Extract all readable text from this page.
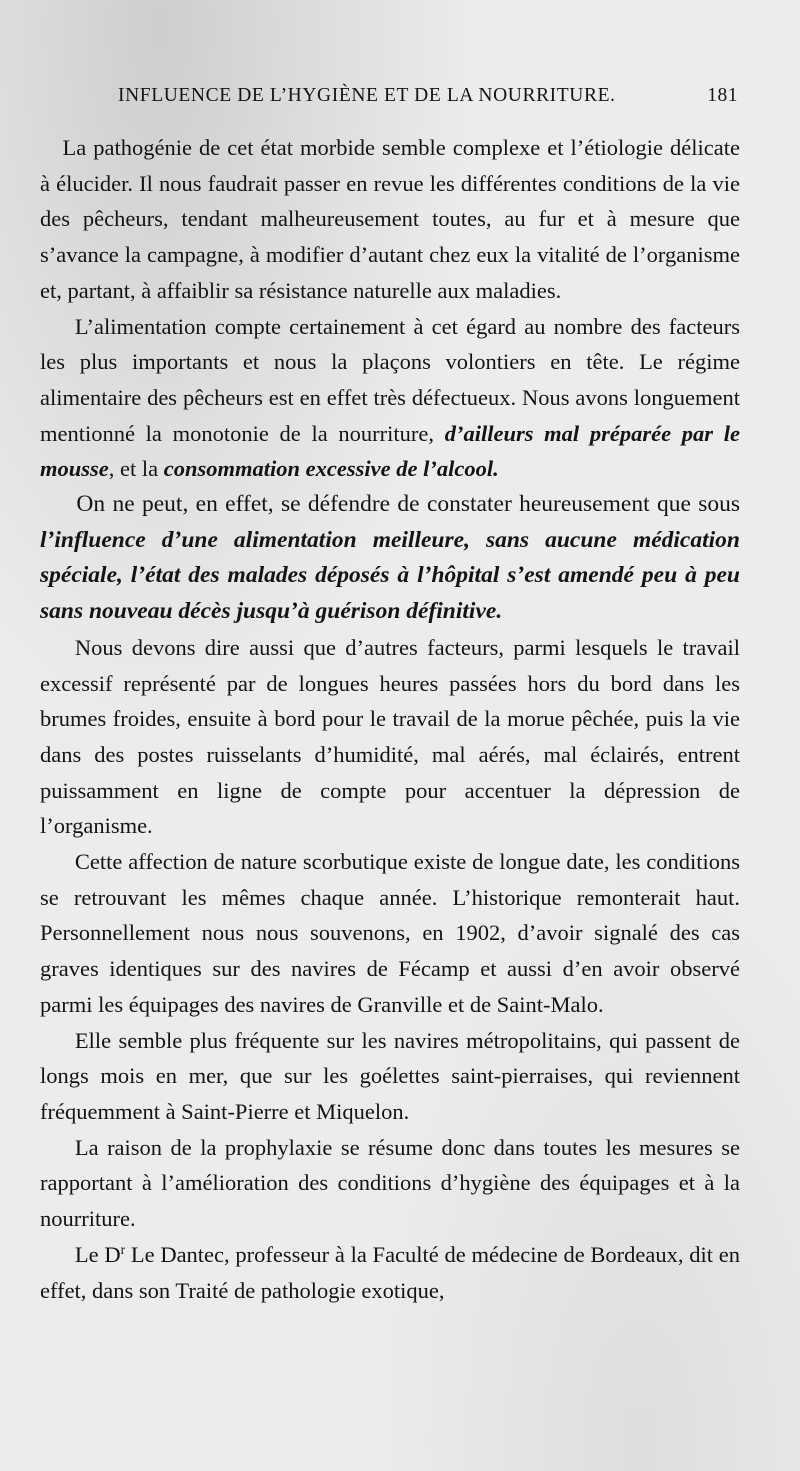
INFLUENCE DE L’HYGIÈNE ET DE LA NOURRITURE.	181

La pathogénie de cet état morbide semble complexe et l’étiologie délicate à élucider. Il nous faudrait passer en revue les différentes conditions de la vie des pêcheurs, tendant malheureusement toutes, au fur et à mesure que s’avance la campagne, à modifier d’autant chez eux la vitalité de l’organisme et, partant, à affaiblir sa résistance naturelle aux maladies.

L’alimentation compte certainement à cet égard au nombre des facteurs les plus importants et nous la plaçons volontiers en tête. Le régime alimentaire des pêcheurs est en effet très défectueux. Nous avons longuement mentionné la monotonie de la nourriture, d’ailleurs mal préparée par le mousse, et la consommation excessive de l’alcool.

On ne peut, en effet, se défendre de constater heureusement que sous l’influence d’une alimentation meilleure, sans aucune médication spéciale, l’état des malades déposés à l’hôpital s’est amendé peu à peu sans nouveau décès jusqu’à guérison définitive.

Nous devons dire aussi que d’autres facteurs, parmi lesquels le travail excessif représenté par de longues heures passées hors du bord dans les brumes froides, ensuite à bord pour le travail de la morue pêchée, puis la vie dans des postes ruisselants d’humidité, mal aérés, mal éclairés, entrent puissamment en ligne de compte pour accentuer la dépression de l’organisme.

Cette affection de nature scorbutique existe de longue date, les conditions se retrouvant les mêmes chaque année. L’historique remonterait haut. Personnellement nous nous souvenons, en 1902, d’avoir signalé des cas graves identiques sur des navires de Fécamp et aussi d’en avoir observé parmi les équipages des navires de Granville et de Saint-Malo.

Elle semble plus fréquente sur les navires métropolitains, qui passent de longs mois en mer, que sur les goélettes saint-pierraises, qui reviennent fréquemment à Saint-Pierre et Miquelon.

La raison de la prophylaxie se résume donc dans toutes les mesures se rapportant à l’amélioration des conditions d’hygiène des équipages et à la nourriture.

Le $D^r$ Le Dantec, professeur à la Faculté de médecine de Bordeaux, dit en effet, dans son Traité de pathologie exotique,
